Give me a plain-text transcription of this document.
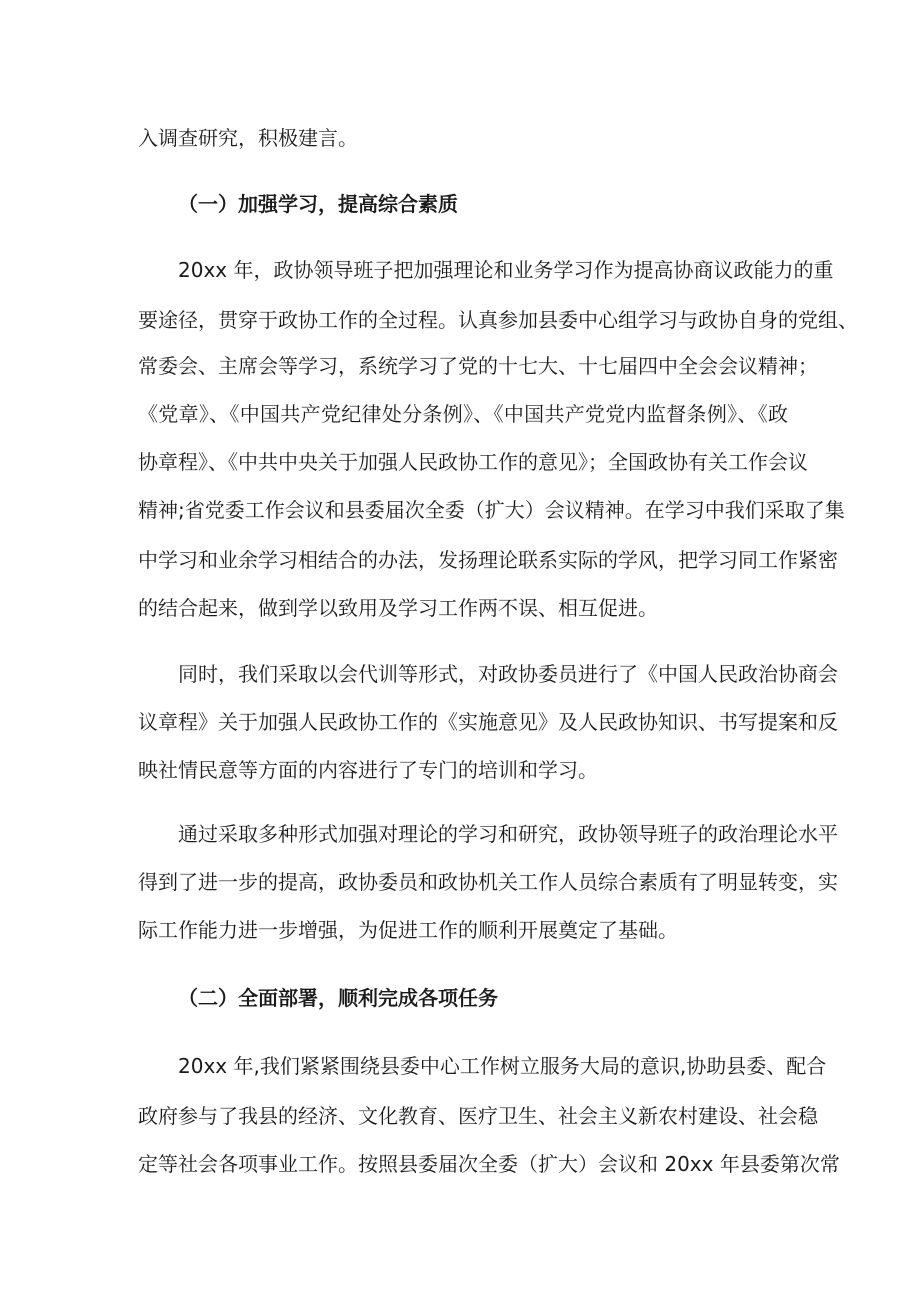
入调查研究，积极建言。
（一）加强学习，提高综合素质
20xx 年，政协领导班子把加强理论和业务学习作为提高协商议政能力的重
要途径，贯穿于政协工作的全过程。认真参加县委中心组学习与政协自身的党组、
常委会、主席会等学习，系统学习了党的十七大、十七届四中全会会议精神；
《党章》、《中国共产党纪律处分条例》、《中国共产党党内监督条例》、《政
协章程》、《中共中央关于加强人民政协工作的意见》；全国政协有关工作会议
精神;省党委工作会议和县委届次全委（扩大）会议精神。在学习中我们采取了集
中学习和业余学习相结合的办法，发扬理论联系实际的学风，把学习同工作紧密
的结合起来，做到学以致用及学习工作两不误、相互促进。
同时，我们采取以会代训等形式，对政协委员进行了《中国人民政治协商会
议章程》关于加强人民政协工作的《实施意见》及人民政协知识、书写提案和反
映社情民意等方面的内容进行了专门的培训和学习。
通过采取多种形式加强对理论的学习和研究，政协领导班子的政治理论水平
得到了进一步的提高，政协委员和政协机关工作人员综合素质有了明显转变，实
际工作能力进一步增强，为促进工作的顺利开展奠定了基础。
（二）全面部署，顺利完成各项任务
20xx 年,我们紧紧围绕县委中心工作树立服务大局的意识,协助县委、配合
政府参与了我县的经济、文化教育、医疗卫生、社会主义新农村建设、社会稳
定等社会各项事业工作。按照县委届次全委（扩大）会议和 20xx 年县委第次常
